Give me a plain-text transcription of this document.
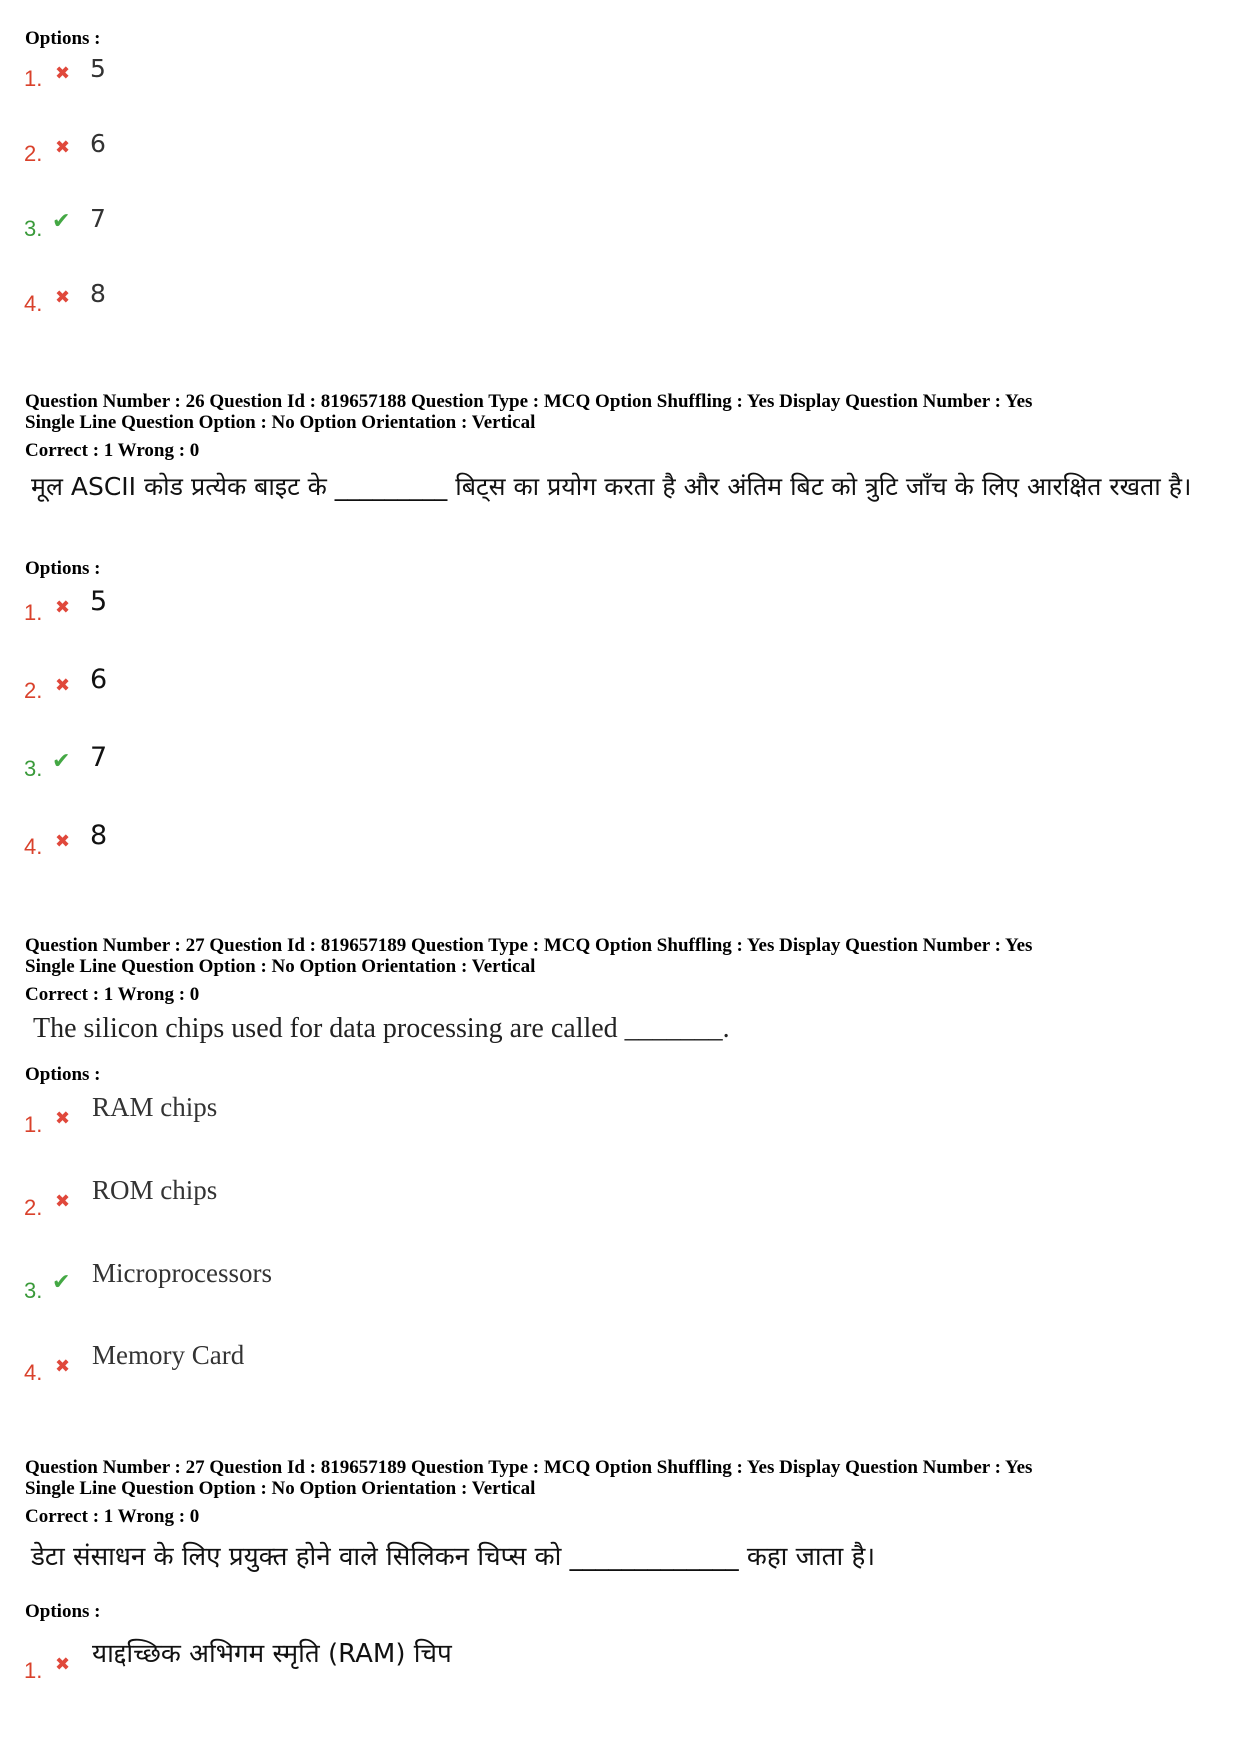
Options :
1. ✖ 5
2. ✖ 6
3. ✔ 7
4. ✖ 8
Question Number : 26 Question Id : 819657188 Question Type : MCQ Option Shuffling : Yes Display Question Number : Yes
Single Line Question Option : No Option Orientation : Vertical
Correct : 1 Wrong : 0
मूल ASCII कोड प्रत्येक बाइट के _________ बिट्स का प्रयोग करता है और अंतिम बिट को त्रुटि जाँच के लिए आरक्षित रखता है।
Options :
1. ✖ 5
2. ✖ 6
3. ✔ 7
4. ✖ 8
Question Number : 27 Question Id : 819657189 Question Type : MCQ Option Shuffling : Yes Display Question Number : Yes
Single Line Question Option : No Option Orientation : Vertical
Correct : 1 Wrong : 0
The silicon chips used for data processing are called _______.
Options :
1. ✖ RAM chips
2. ✖ ROM chips
3. ✔ Microprocessors
4. ✖ Memory Card
Question Number : 27 Question Id : 819657189 Question Type : MCQ Option Shuffling : Yes Display Question Number : Yes
Single Line Question Option : No Option Orientation : Vertical
Correct : 1 Wrong : 0
डेटा संसाधन के लिए प्रयुक्त होने वाले सिलिकन चिप्स को _____________ कहा जाता है।
Options :
1. ✖ याद्दच्छिक अभिगम स्मृति (RAM) चिप
